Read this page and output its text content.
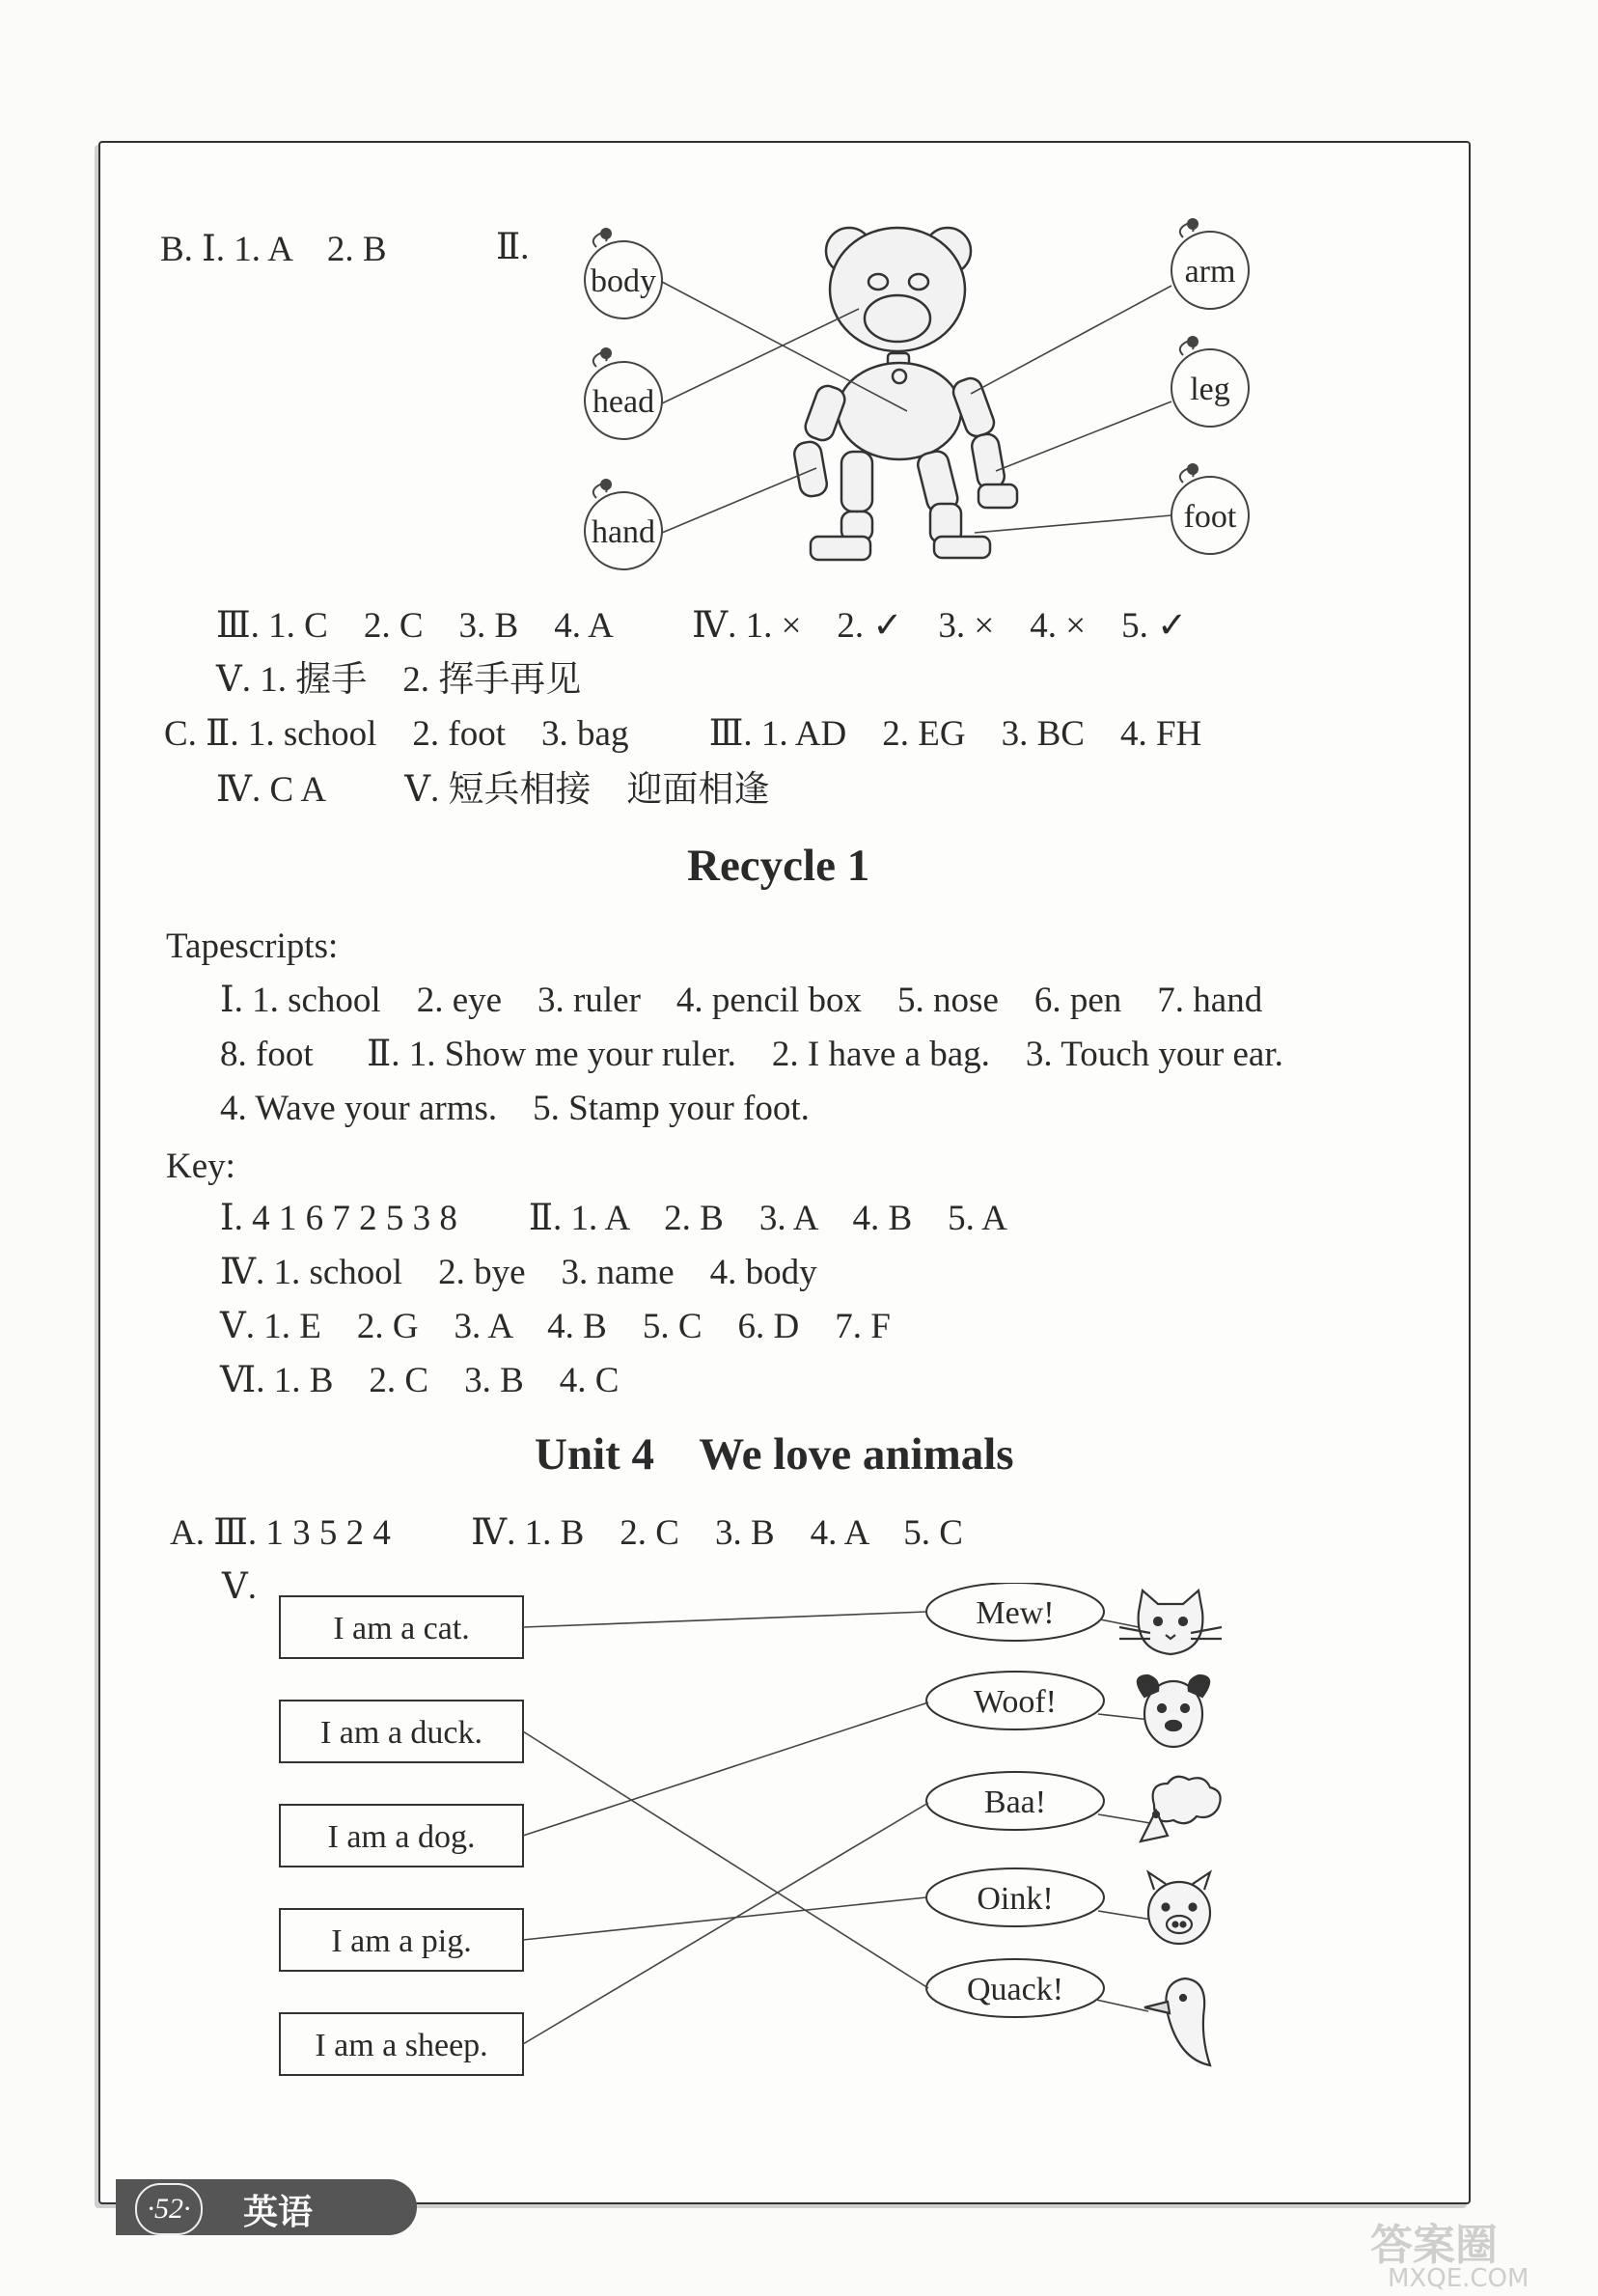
B. Ⅰ. 1. A    2. B	Ⅱ.
body
head
hand
arm
leg
foot
Ⅲ. 1. C    2. C    3. B    4. A         Ⅳ. 1. ×    2. ✓    3. ×    4. ×    5. ✓
Ⅴ. 1. 握手    2. 挥手再见
C. Ⅱ. 1. school    2. foot    3. bag         Ⅲ. 1. AD    2. EG    3. BC    4. FH
Ⅳ. C A         Ⅴ. 短兵相接    迎面相逢
Recycle 1
Tapescripts:
Ⅰ. 1. school    2. eye    3. ruler    4. pencil box    5. nose    6. pen    7. hand
8. foot      Ⅱ. 1. Show me your ruler.    2. I have a bag.    3. Touch your ear.
4. Wave your arms.    5. Stamp your foot.
Key:
Ⅰ. 4 1 6 7 2 5 3 8        Ⅱ. 1. A    2. B    3. A    4. B    5. A
Ⅳ. 1. school    2. bye    3. name    4. body
Ⅴ. 1. E    2. G    3. A    4. B    5. C    6. D    7. F
Ⅵ. 1. B    2. C    3. B    4. C
Unit 4    We love animals
A. Ⅲ. 1 3 5 2 4         Ⅳ. 1. B    2. C    3. B    4. A    5. C
Ⅴ.
I am a cat.
I am a duck.
I am a dog.
I am a pig.
I am a sheep.
Mew!
Woof!
Baa!
Oink!
Quack!
·52·	英语
答案圈
MXQE.COM
